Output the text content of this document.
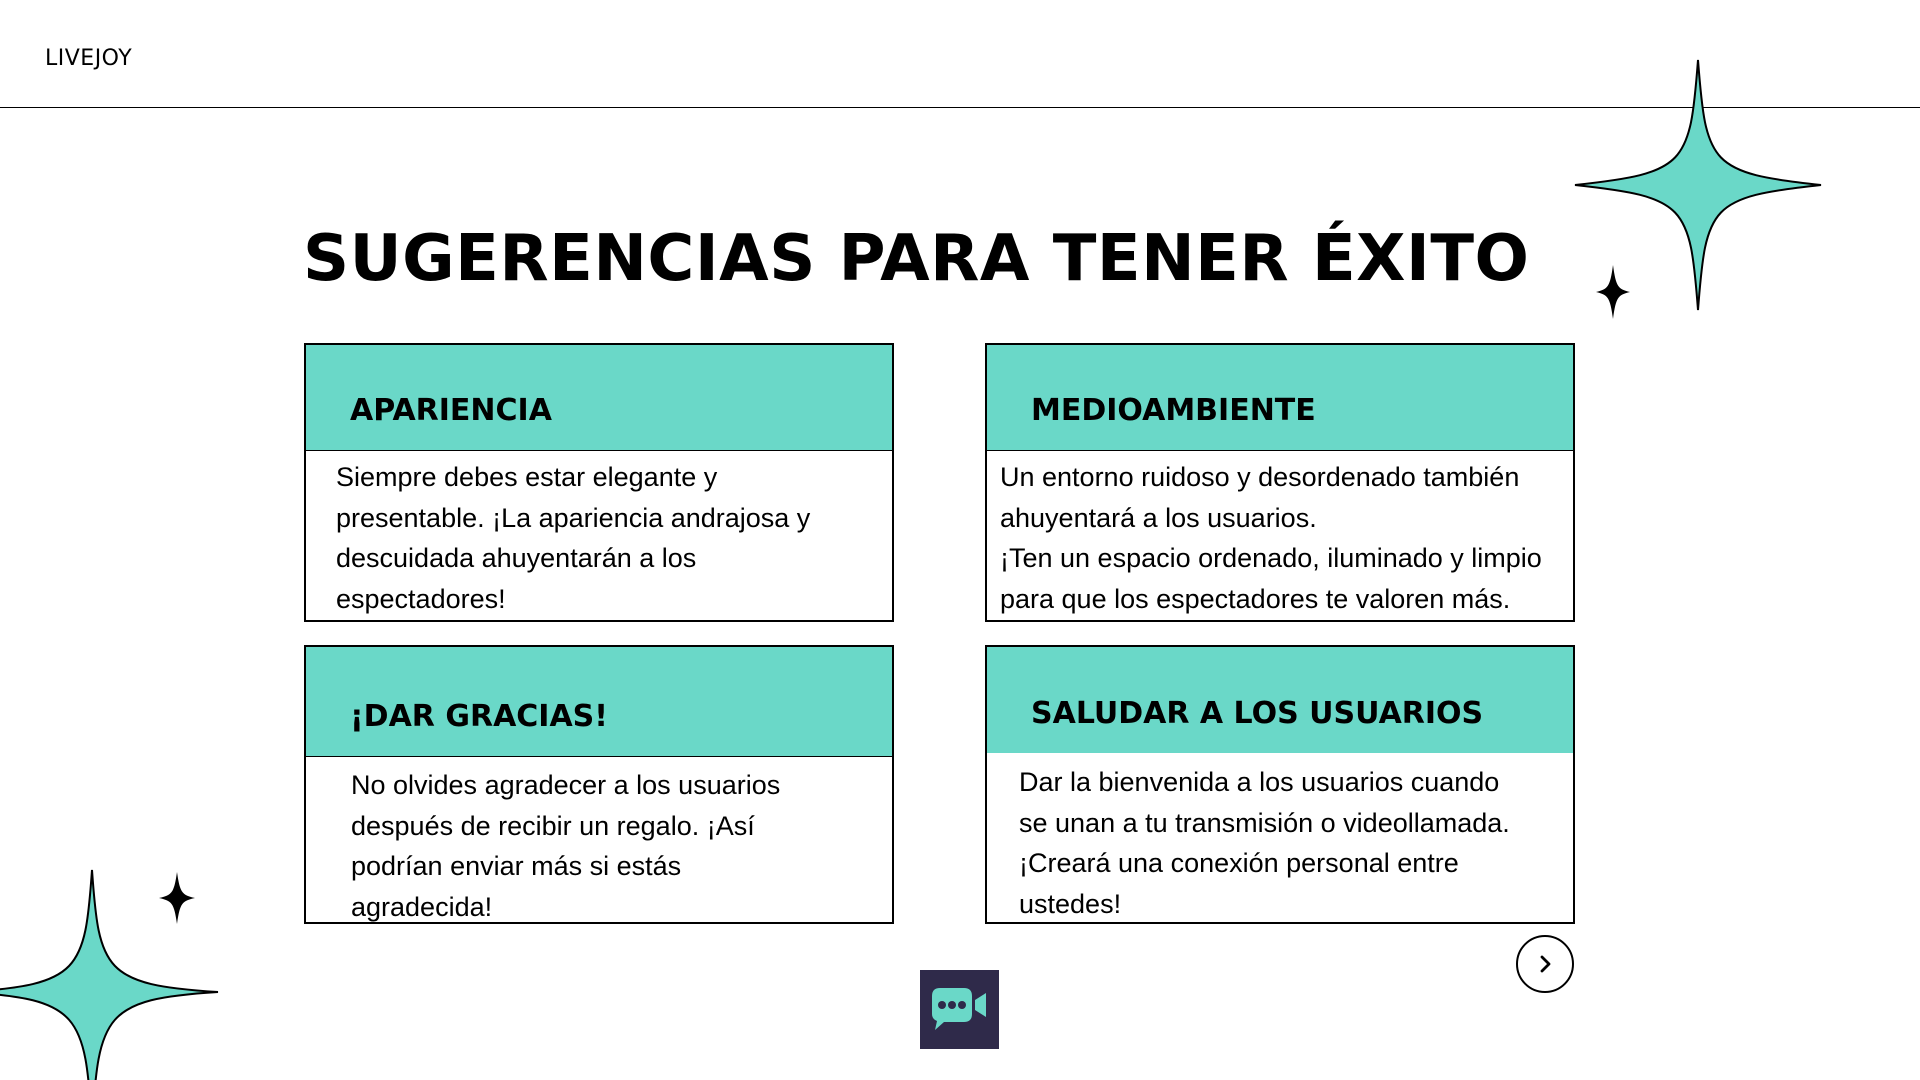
LIVEJOY
SUGERENCIAS PARA TENER ÉXITO
APARIENCIA
Siempre debes estar elegante y
presentable. ¡La apariencia andrajosa y
descuidada ahuyentarán a los
espectadores!
MEDIOAMBIENTE
Un entorno ruidoso y desordenado también
ahuyentará a los usuarios.
¡Ten un espacio ordenado, iluminado y limpio
para que los espectadores te valoren más.
¡DAR GRACIAS!
No olvides agradecer a los usuarios
después de recibir un regalo. ¡Así
podrían enviar más si estás
agradecida!
SALUDAR A LOS USUARIOS
Dar la bienvenida a los usuarios cuando
se unan a tu transmisión o videollamada.
¡Creará una conexión personal entre
ustedes!
